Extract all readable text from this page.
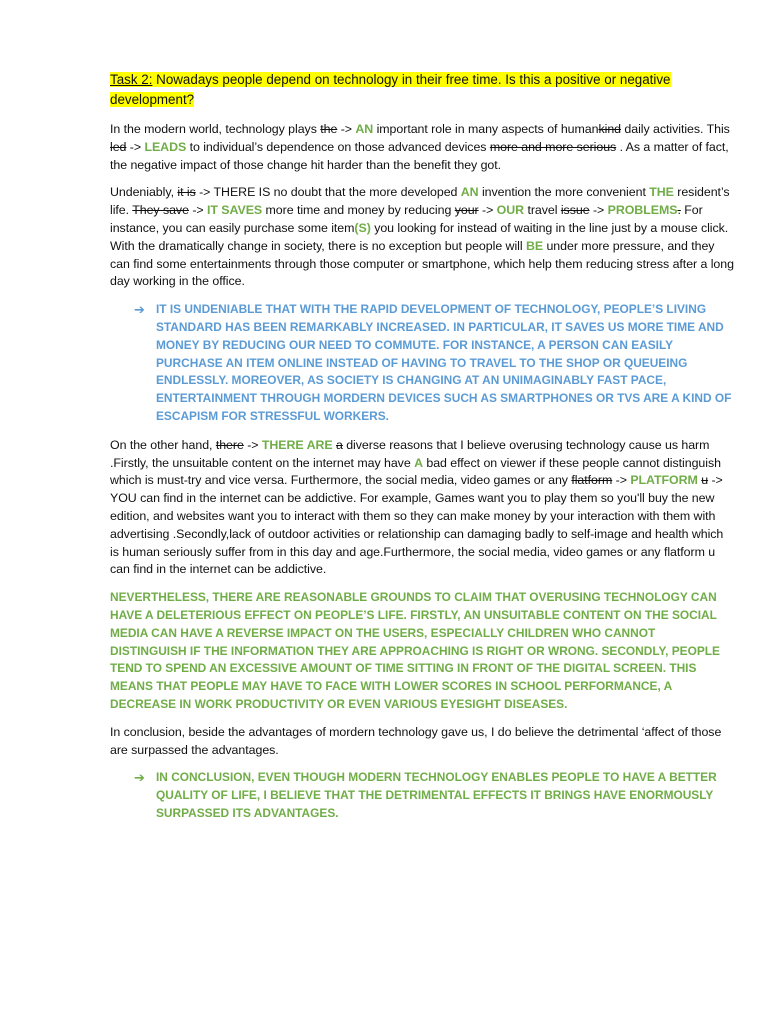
Task 2: Nowadays people depend on technology in their free time. Is this a positive or negative development?

In the modern world, technology plays the -> AN important role in many aspects of humankind daily activities. This led -> LEADS to individual’s dependence on those advanced devices more and more serious . As a matter of fact, the negative impact of those change hit harder than the benefit they got.

Undeniably, it is -> THERE IS no doubt that the more developed AN invention the more convenient THE resident’s life. They save -> IT SAVES more time and money by reducing your -> OUR travel issue -> PROBLEMS. For instance, you can easily purchase some item(S) you looking for instead of waiting in the line just by a mouse click. With the dramatically change in society, there is no exception but people will BE under more pressure, and they can find some entertainments through those computer or smartphone, which help them reducing stress after a long day working in the office.

➔ IT IS UNDENIABLE THAT WITH THE RAPID DEVELOPMENT OF TECHNOLOGY, PEOPLE’S LIVING STANDARD HAS BEEN REMARKABLY INCREASED. IN PARTICULAR, IT SAVES US MORE TIME AND MONEY BY REDUCING OUR NEED TO COMMUTE. FOR INSTANCE, A PERSON CAN EASILY PURCHASE AN ITEM ONLINE INSTEAD OF HAVING TO TRAVEL TO THE SHOP OR QUEUEING ENDLESSLY. MOREOVER, AS SOCIETY IS CHANGING AT AN UNIMAGINABLY FAST PACE, ENTERTAINMENT THROUGH MORDERN DEVICES SUCH AS SMARTPHONES OR TVS ARE A KIND OF ESCAPISM FOR STRESSFUL WORKERS.

On the other hand, there -> THERE ARE a diverse reasons that I believe overusing technology cause us harm .Firstly, the unsuitable content on the internet may have A bad effect on viewer if these people cannot distinguish which is must-try and vice versa. Furthermore, the social media, video games or any flatform -> PLATFORM u -> YOU can find in the internet can be addictive. For example, Games want you to play them so you'll buy the new edition, and websites want you to interact with them so they can make money by your interaction with them with advertising .Secondly,lack of outdoor activities or relationship can damaging badly to self-image and health which is human seriously suffer from in this day and age.Furthermore, the social media, video games or any flatform u can find in the internet can be addictive.

NEVERTHELESS, THERE ARE REASONABLE GROUNDS TO CLAIM THAT OVERUSING TECHNOLOGY CAN HAVE A DELETERIOUS EFFECT ON PEOPLE’S LIFE. FIRSTLY, AN UNSUITABLE CONTENT ON THE SOCIAL MEDIA CAN HAVE A REVERSE IMPACT ON THE USERS, ESPECIALLY CHILDREN WHO CANNOT DISTINGUISH IF THE INFORMATION THEY ARE APPROACHING IS RIGHT OR WRONG. SECONDLY, PEOPLE TEND TO SPEND AN EXCESSIVE AMOUNT OF TIME SITTING IN FRONT OF THE DIGITAL SCREEN. THIS MEANS THAT PEOPLE MAY HAVE TO FACE WITH LOWER SCORES IN SCHOOL PERFORMANCE, A DECREASE IN WORK PRODUCTIVITY OR EVEN VARIOUS EYESIGHT DISEASES.

In conclusion, beside the advantages of mordern technology gave us, I do believe the detrimental ‘affect of those are surpassed the advantages.

➔ IN CONCLUSION, EVEN THOUGH MODERN TECHNOLOGY ENABLES PEOPLE TO HAVE A BETTER QUALITY OF LIFE, I BELIEVE THAT THE DETRIMENTAL EFFECTS IT BRINGS HAVE ENORMOUSLY SURPASSED ITS ADVANTAGES.
